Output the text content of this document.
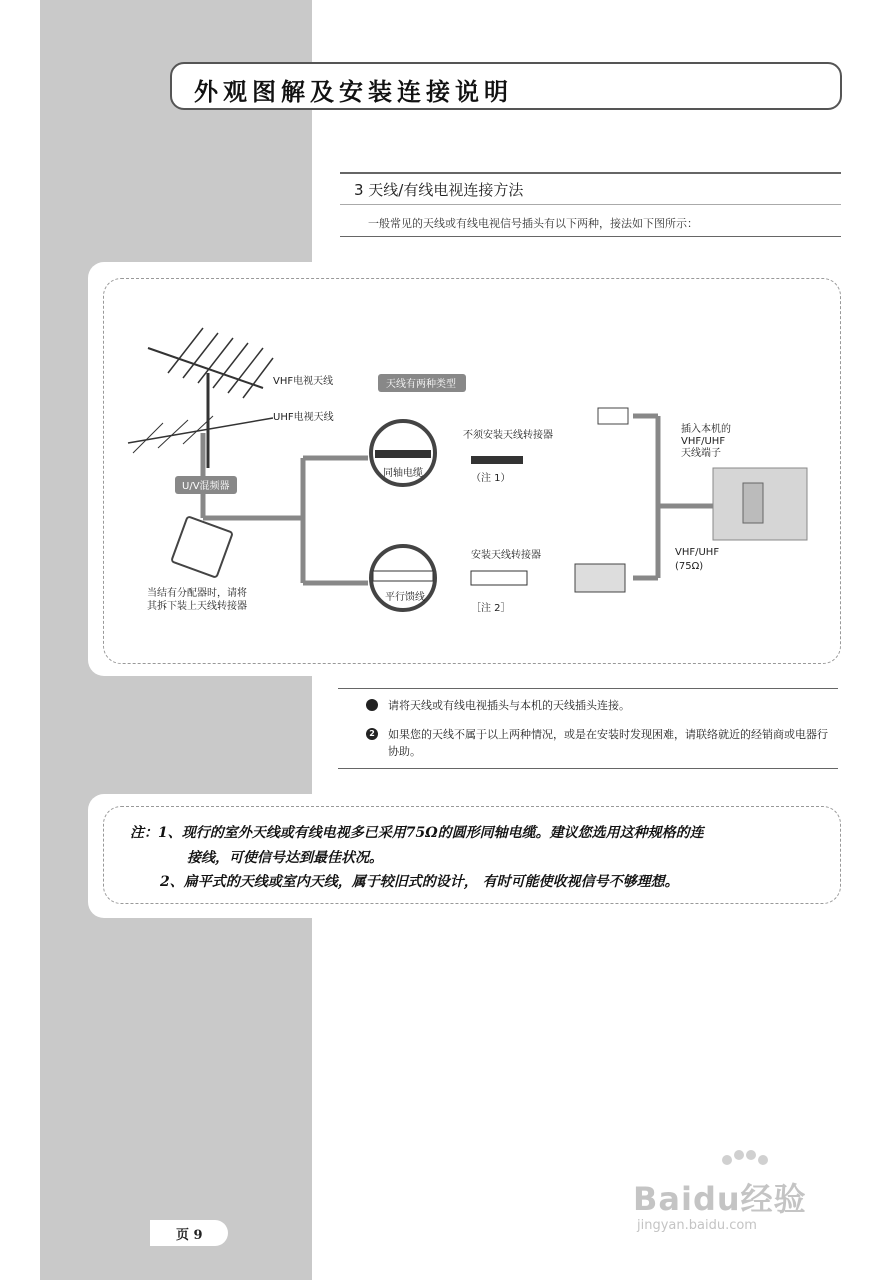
外观图解及安装连接说明
3 天线/有线电视连接方法
一般常见的天线或有线电视信号插头有以下两种，接法如下图所示：
VHF电视天线
UHF电视天线
U/V混频器
当结有分配器时，请将
其拆下装上天线转接器
天线有两种类型
同轴电缆
平行馈线
不须安装天线转接器
（注 1）
安装天线转接器
［注 2］
插入本机的
VHF/UHF
天线端子
VHF/UHF
(75Ω)
请将天线或有线电视插头与本机的天线插头连接。
2	如果您的天线不属于以上两种情况，或是在安装时发现困难，请联络就近的经销商或电器行协助。
注：1、现行的室外天线或有线电视多已采用75Ω的圆形同轴电缆。建议您选用这种规格的连
接线，可使信号达到最佳状况。
2、扁平式的天线或室内天线，属于较旧式的设计， 有时可能使收视信号不够理想。
页 9
Baidu经验
jingyan.baidu.com
